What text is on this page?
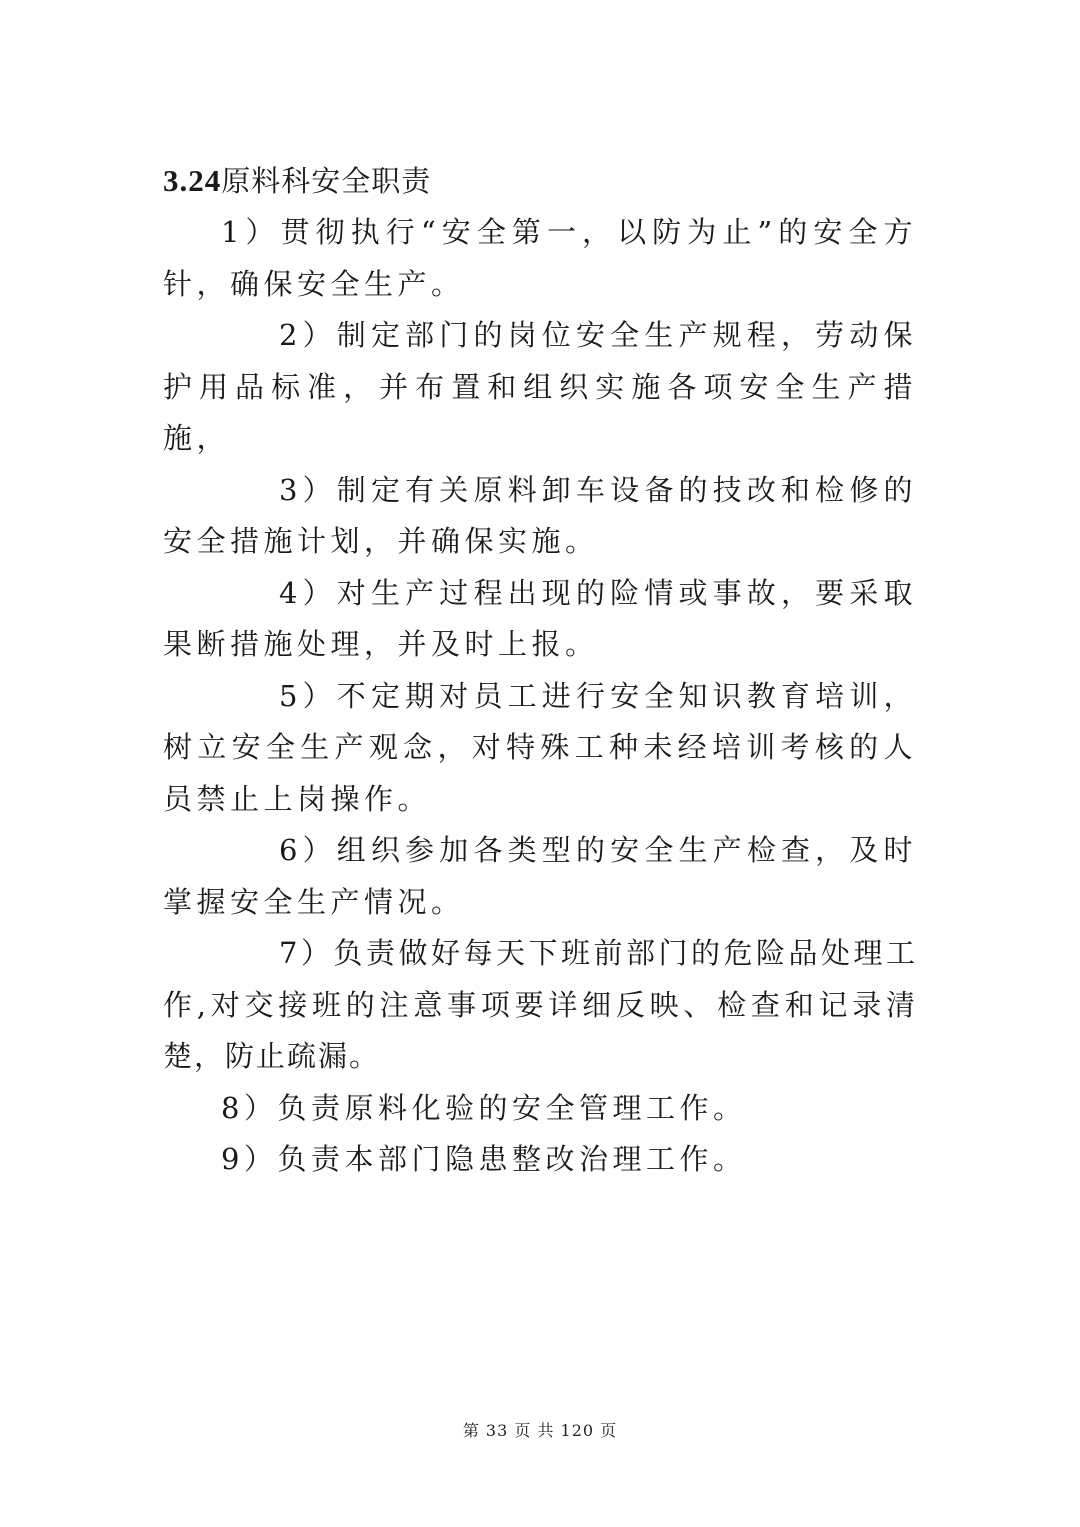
3.24原料科安全职责

1）贯彻执行“安全第一，以防为止”的安全方针，确保安全生产。

2）制定部门的岗位安全生产规程，劳动保护用品标准，并布置和组织实施各项安全生产措施，

3）制定有关原料卸车设备的技改和检修的安全措施计划，并确保实施。

4）对生产过程出现的险情或事故，要采取果断措施处理，并及时上报。

5）不定期对员工进行安全知识教育培训，树立安全生产观念，对特殊工种未经培训考核的人员禁止上岗操作。

6）组织参加各类型的安全生产检查，及时掌握安全生产情况。

7）负责做好每天下班前部门的危险品处理工作,对交接班的注意事项要详细反映、检查和记录清楚，防止疏漏。

8）负责原料化验的安全管理工作。

9）负责本部门隐患整改治理工作。

第 33 页 共 120 页
